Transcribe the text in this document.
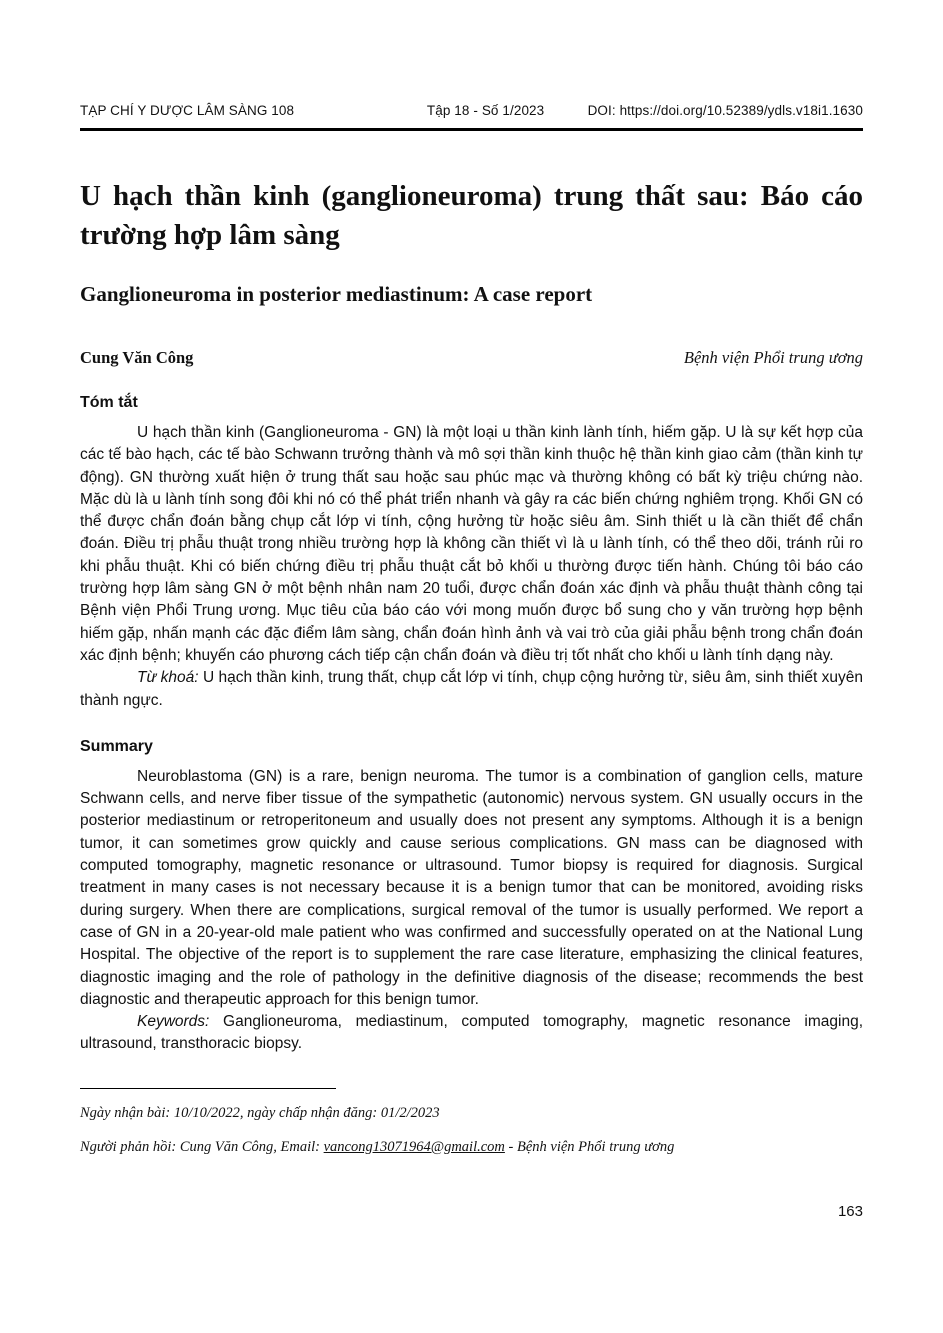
TẠP CHÍ Y DƯỢC LÂM SÀNG 108	Tập 18 - Số 1/2023	DOI: https://doi.org/10.52389/ydls.v18i1.1630
U hạch thần kinh (ganglioneuroma) trung thất sau: Báo cáo trường hợp lâm sàng
Ganglioneuroma in posterior mediastinum: A case report
Cung Văn Công	Bệnh viện Phổi trung ương
Tóm tắt

U hạch thần kinh (Ganglioneuroma - GN) là một loại u thần kinh lành tính, hiếm gặp. U là sự kết hợp của các tế bào hạch, các tế bào Schwann trưởng thành và mô sợi thần kinh thuộc hệ thần kinh giao cảm (thần kinh tự động). GN thường xuất hiện ở trung thất sau hoặc sau phúc mạc và thường không có bất kỳ triệu chứng nào. Mặc dù là u lành tính song đôi khi nó có thể phát triển nhanh và gây ra các biến chứng nghiêm trọng. Khối GN có thể được chẩn đoán bằng chụp cắt lớp vi tính, cộng hưởng từ hoặc siêu âm. Sinh thiết u là cần thiết để chẩn đoán. Điều trị phẫu thuật trong nhiều trường hợp là không cần thiết vì là u lành tính, có thể theo dõi, tránh rủi ro khi phẫu thuật. Khi có biến chứng điều trị phẫu thuật cắt bỏ khối u thường được tiến hành. Chúng tôi báo cáo trường hợp lâm sàng GN ở một bệnh nhân nam 20 tuổi, được chẩn đoán xác định và phẫu thuật thành công tại Bệnh viện Phổi Trung ương. Mục tiêu của báo cáo với mong muốn được bổ sung cho y văn trường hợp bệnh hiếm gặp, nhấn mạnh các đặc điểm lâm sàng, chẩn đoán hình ảnh và vai trò của giải phẫu bệnh trong chẩn đoán xác định bệnh; khuyến cáo phương cách tiếp cận chẩn đoán và điều trị tốt nhất cho khối u lành tính dạng này.

Từ khoá: U hạch thần kinh, trung thất, chụp cắt lớp vi tính, chụp cộng hưởng từ, siêu âm, sinh thiết xuyên thành ngực.

Summary

Neuroblastoma (GN) is a rare, benign neuroma. The tumor is a combination of ganglion cells, mature Schwann cells, and nerve fiber tissue of the sympathetic (autonomic) nervous system. GN usually occurs in the posterior mediastinum or retroperitoneum and usually does not present any symptoms. Although it is a benign tumor, it can sometimes grow quickly and cause serious complications. GN mass can be diagnosed with computed tomography, magnetic resonance or ultrasound. Tumor biopsy is required for diagnosis. Surgical treatment in many cases is not necessary because it is a benign tumor that can be monitored, avoiding risks during surgery. When there are complications, surgical removal of the tumor is usually performed. We report a case of GN in a 20-year-old male patient who was confirmed and successfully operated on at the National Lung Hospital. The objective of the report is to supplement the rare case literature, emphasizing the clinical features, diagnostic imaging and the role of pathology in the definitive diagnosis of the disease; recommends the best diagnostic and therapeutic approach for this benign tumor.

Keywords: Ganglioneuroma, mediastinum, computed tomography, magnetic resonance imaging, ultrasound, transthoracic biopsy.

Ngày nhận bài: 10/10/2022, ngày chấp nhận đăng: 01/2/2023

Người phản hồi: Cung Văn Công, Email: vancong13071964@gmail.com - Bệnh viện Phổi trung ương

163
